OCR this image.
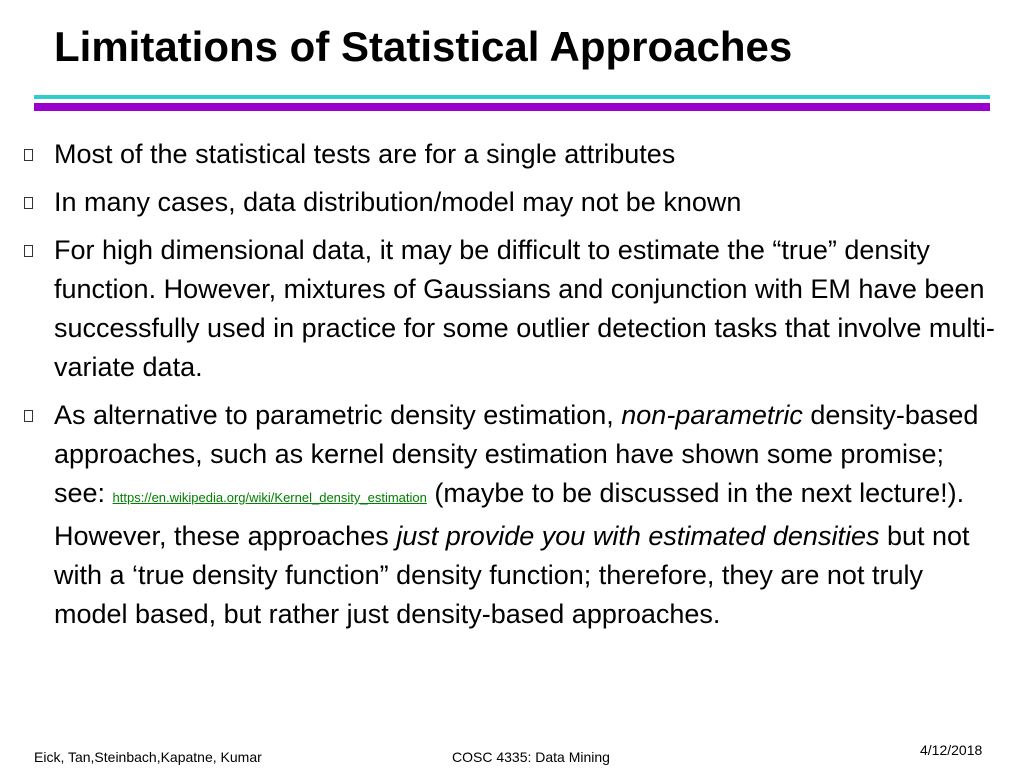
Limitations of Statistical Approaches
Most of the statistical tests are for a single attributes
In many cases, data distribution/model may not be known
For high dimensional data, it may be difficult to estimate the “true” density function. However, mixtures of Gaussians and conjunction with EM have been successfully used in practice for some outlier detection tasks that involve multi-variate data.
As alternative to parametric density estimation, non-parametric density-based approaches, such as kernel density estimation have shown some promise; see: https://en.wikipedia.org/wiki/Kernel_density_estimation (maybe to be discussed in the next lecture!). However, these approaches just provide you with estimated densities but not with a ‘true density function” density function; therefore, they are not truly model based, but rather just density-based approaches.
Eick, Tan,Steinbach,Kapatne, Kumar	COSC 4335: Data Mining	4/12/2018
